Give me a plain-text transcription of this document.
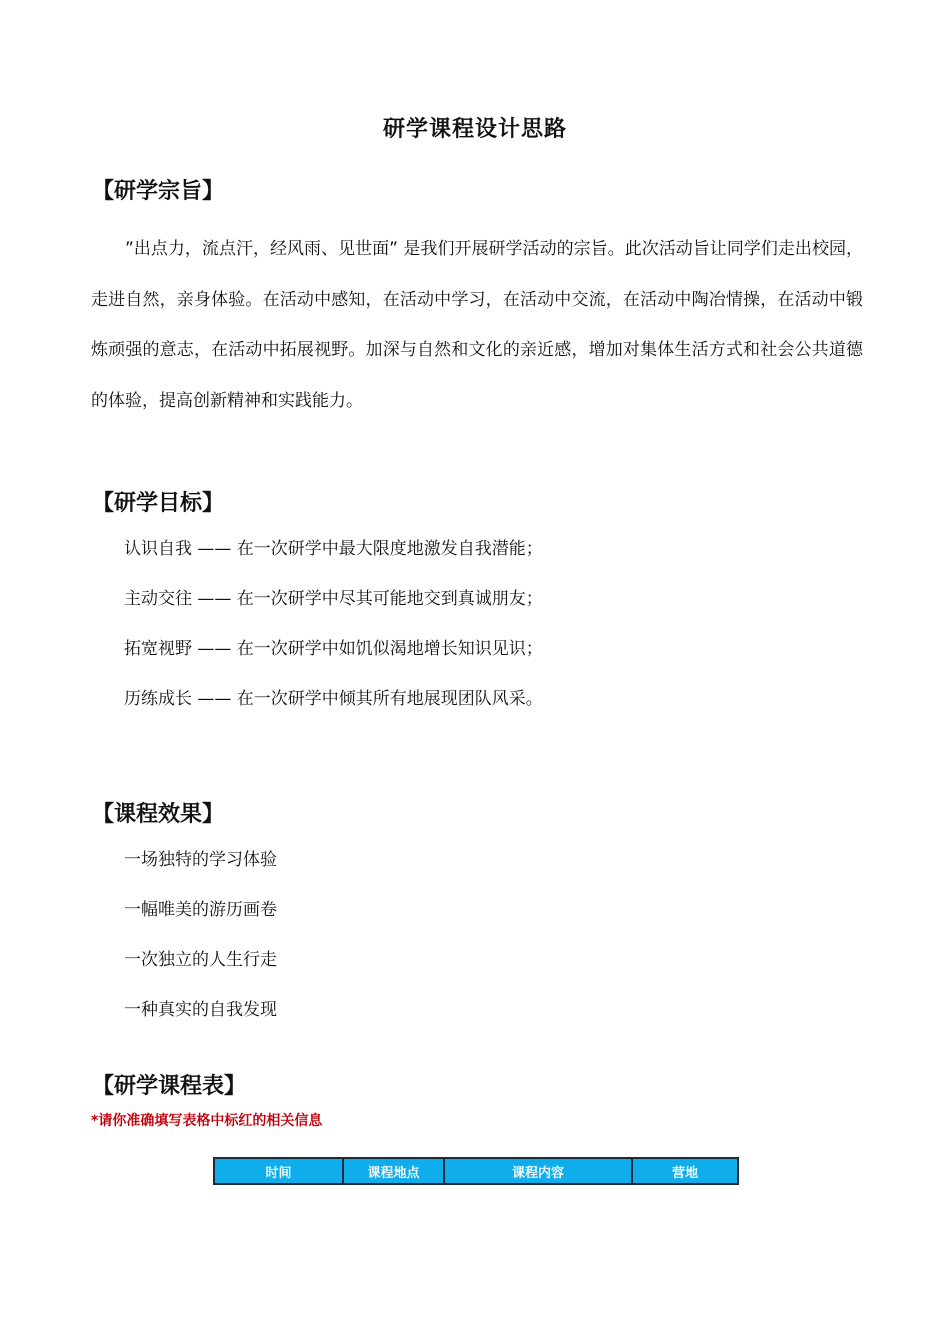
研学课程设计思路
【研学宗旨】
”出点力，流点汗，经风雨、见世面” 是我们开展研学活动的宗旨。此次活动旨让同学们走出校园，走进自然，亲身体验。在活动中感知，在活动中学习，在活动中交流，在活动中陶冶情操，在活动中锻炼顽强的意志，在活动中拓展视野。加深与自然和文化的亲近感，增加对集体生活方式和社会公共道德的体验，提高创新精神和实践能力。
【研学目标】
认识自我 —— 在一次研学中最大限度地激发自我潜能；
主动交往 —— 在一次研学中尽其可能地交到真诚朋友；
拓宽视野 —— 在一次研学中如饥似渴地增长知识见识；
历练成长 —— 在一次研学中倾其所有地展现团队风采。
【课程效果】
一场独特的学习体验
一幅唯美的游历画卷
一次独立的人生行走
一种真实的自我发现
【研学课程表】
*请你准确填写表格中标红的相关信息
时间	课程地点	课程内容	营地
